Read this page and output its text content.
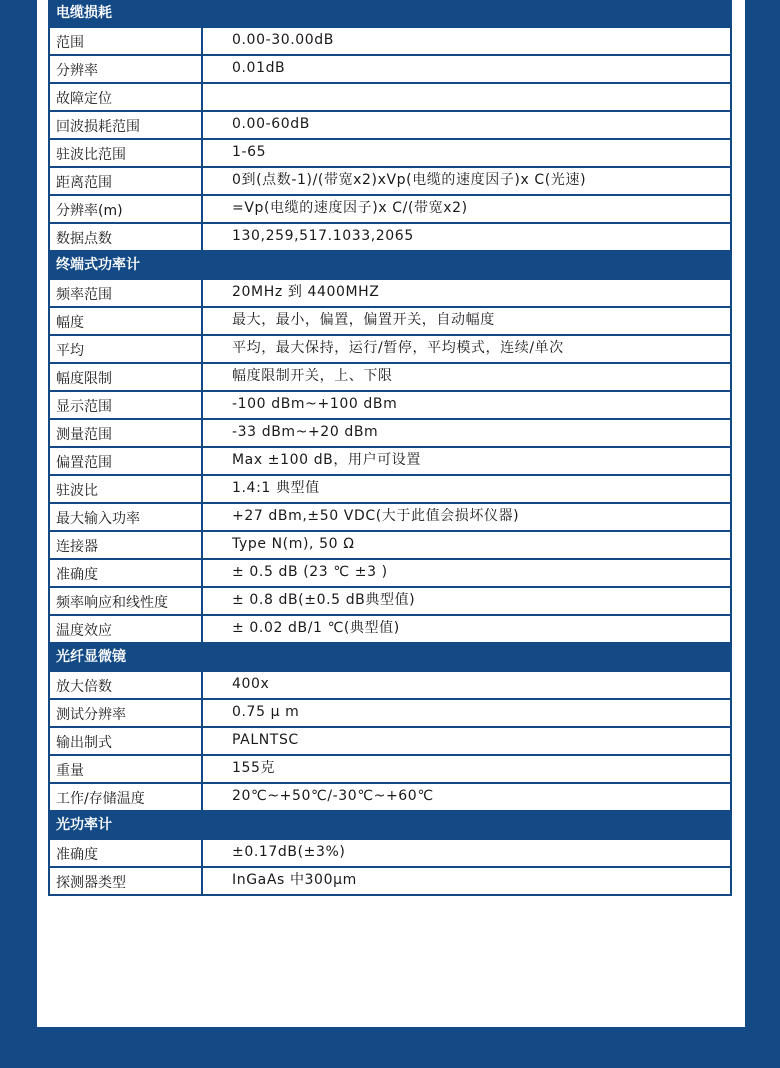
电缆损耗
范围	0.00-30.00dB
分辨率	0.01dB
故障定位
回波损耗范围	0.00-60dB
驻波比范围	1-65
距离范围	0到(点数-1)/(带宽x2)xVp(电缆的速度因子)x C(光速)
分辨率(m)	=Vp(电缆的速度因子)x C/(带宽x2)
数据点数	130,259,517.1033,2065
终端式功率计
频率范围	20MHz 到 4400MHZ
幅度	最大，最小，偏置，偏置开关，自动幅度
平均	平均，最大保持，运行/暂停，平均模式，连续/单次
幅度限制	幅度限制开关，上、下限
显示范围	-100 dBm~+100 dBm
测量范围	-33 dBm~+20 dBm
偏置范围	Max ±100 dB，用户可设置
驻波比	1.4:1 典型值
最大输入功率	+27 dBm,±50 VDC(大于此值会损坏仪器)
连接器	Type N(m), 50 Ω
准确度	± 0.5 dB (23 ℃ ±3 )
频率响应和线性度	± 0.8 dB(±0.5 dB典型值)
温度效应	± 0.02 dB/1 ℃(典型值)
光纤显微镜
放大倍数	400x
测试分辨率	0.75 μ m
输出制式	PALNTSC
重量	155克
工作/存储温度	20℃~+50℃/-30℃~+60℃
光功率计
准确度	±0.17dB(±3%)
探测器类型	InGaAs 中300μm
